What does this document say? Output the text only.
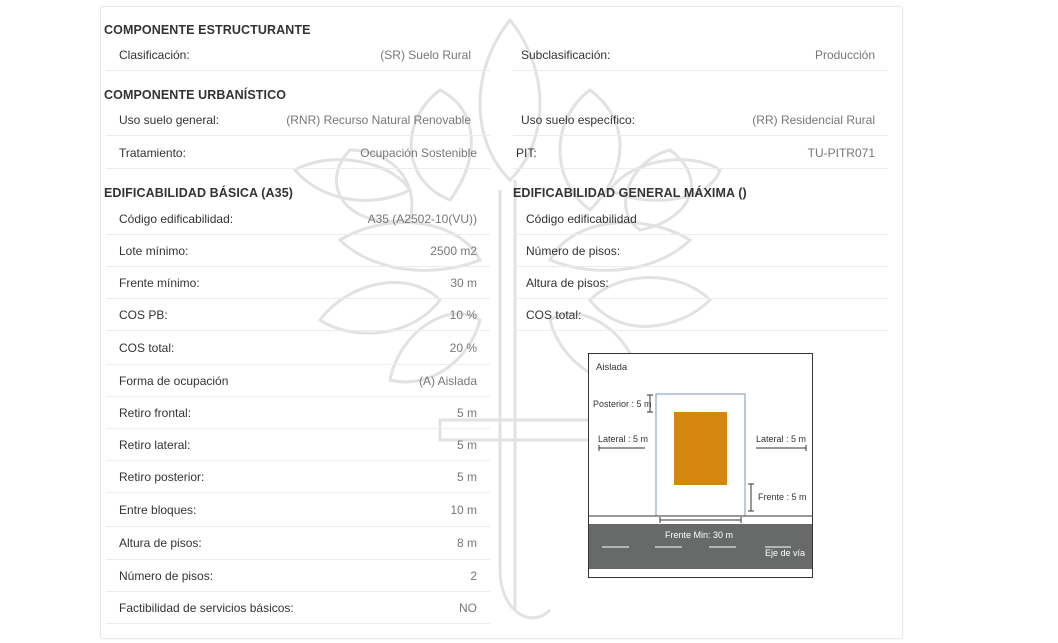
COMPONENTE ESTRUCTURANTE
Clasificación:	(SR) Suelo Rural	Subclasificación:	Producción
COMPONENTE URBANÍSTICO
Uso suelo general:	(RNR) Recurso Natural Renovable	Uso suelo específico:	(RR) Residencial Rural
Tratamiento:	Ocupación Sostenible	PIT:	TU-PITR071
EDIFICABILIDAD BÁSICA (A35)
Código edificabilidad:	A35 (A2502-10(VU))
Lote mínimo:	2500 m2
Frente mínimo:	30 m
COS PB:	10 %
COS total:	20 %
Forma de ocupación	(A) Aislada
Retiro frontal:	5 m
Retiro lateral:	5 m
Retiro posterior:	5 m
Entre bloques:	10 m
Altura de pisos:	8 m
Número de pisos:	2
Factibilidad de servicios básicos:	NO
EDIFICABILIDAD GENERAL MÁXIMA ()
Código edificabilidad
Número de pisos:
Altura de pisos:
COS total:
Aislada
Posterior : 5 m
Lateral : 5 m	Lateral : 5 m
Frente : 5 m
Frente Min: 30 m
Eje de vía
